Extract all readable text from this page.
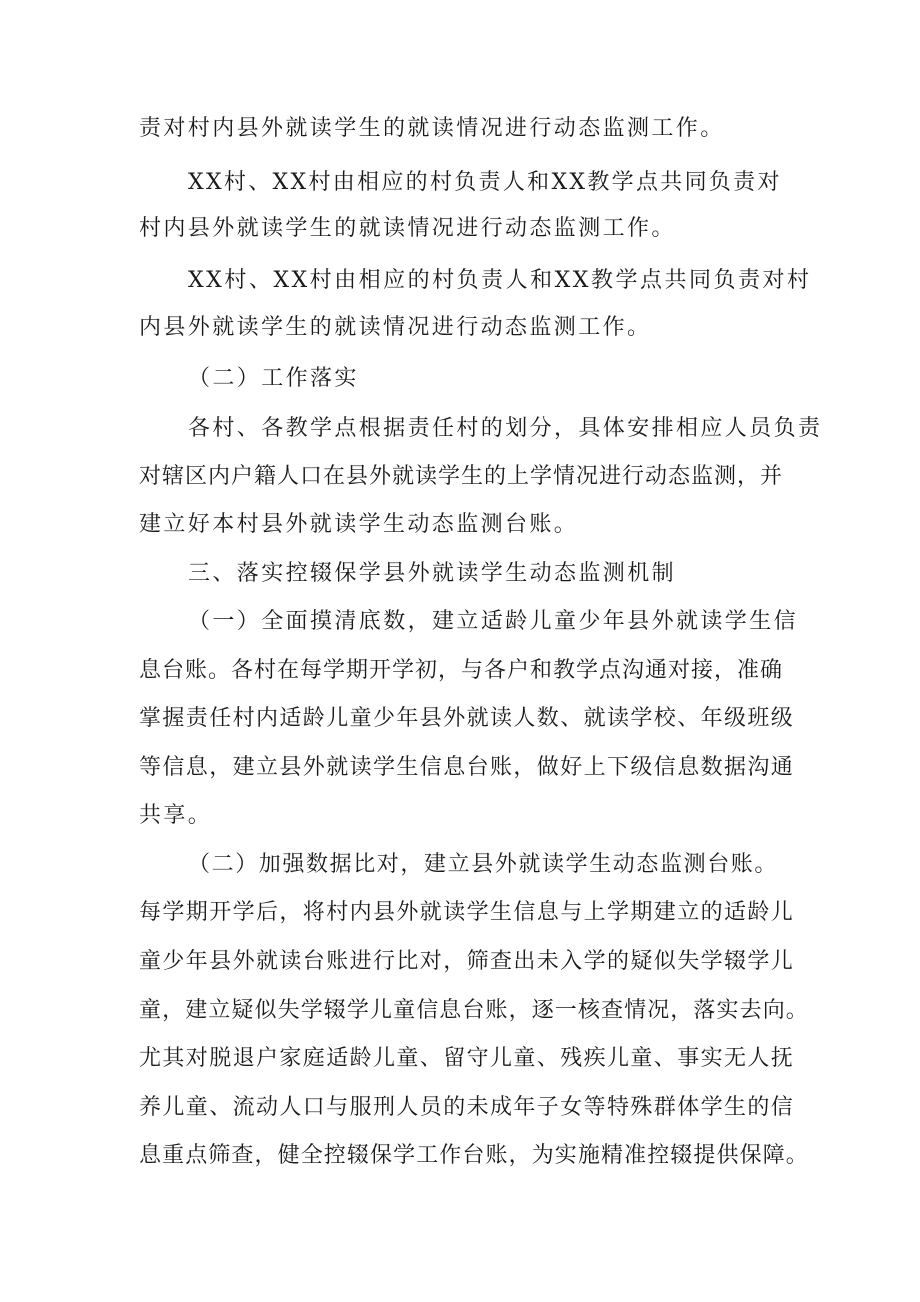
责对村内县外就读学生的就读情况进行动态监测工作。
XX村、XX村由相应的村负责人和XX教学点共同负责对
村内县外就读学生的就读情况进行动态监测工作。
XX村、XX村由相应的村负责人和XX教学点共同负责对村
内县外就读学生的就读情况进行动态监测工作。
（二）工作落实
各村、各教学点根据责任村的划分，具体安排相应人员负责
对辖区内户籍人口在县外就读学生的上学情况进行动态监测，并
建立好本村县外就读学生动态监测台账。
三、落实控辍保学县外就读学生动态监测机制
（一）全面摸清底数，建立适龄儿童少年县外就读学生信
息台账。各村在每学期开学初，与各户和教学点沟通对接，准确
掌握责任村内适龄儿童少年县外就读人数、就读学校、年级班级
等信息，建立县外就读学生信息台账，做好上下级信息数据沟通
共享。
（二）加强数据比对，建立县外就读学生动态监测台账。
每学期开学后，将村内县外就读学生信息与上学期建立的适龄儿
童少年县外就读台账进行比对，筛查出未入学的疑似失学辍学儿
童，建立疑似失学辍学儿童信息台账，逐一核查情况，落实去向。
尤其对脱退户家庭适龄儿童、留守儿童、残疾儿童、事实无人抚
养儿童、流动人口与服刑人员的未成年子女等特殊群体学生的信
息重点筛查，健全控辍保学工作台账，为实施精准控辍提供保障。
